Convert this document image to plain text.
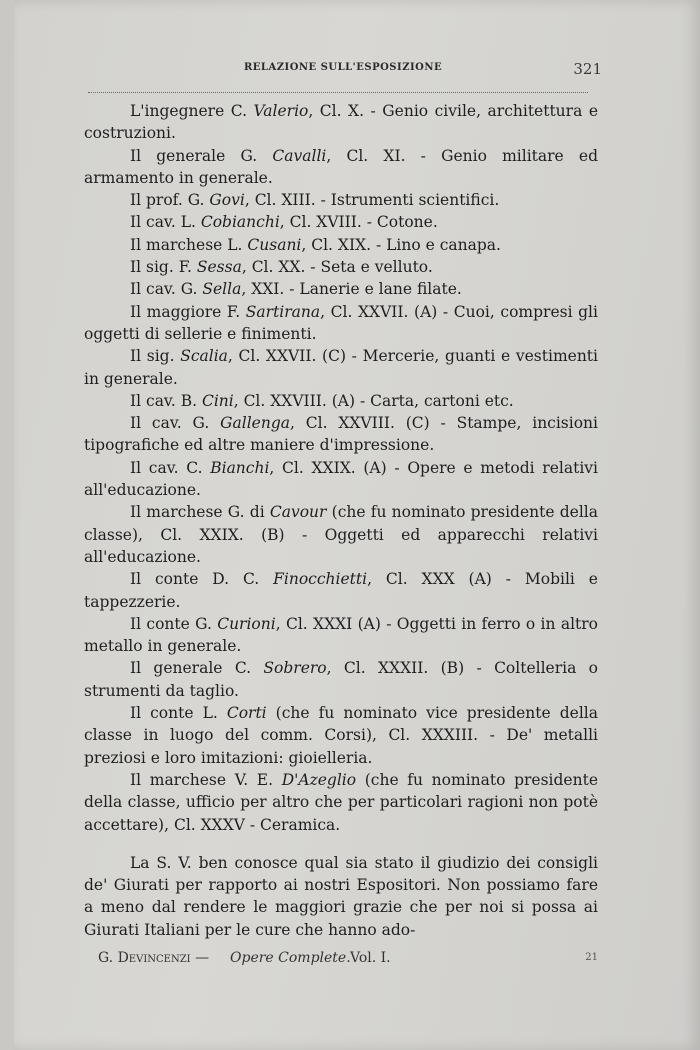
RELAZIONE SULL'ESPOSIZIONE	321

L'ingegnere C. Valerio, Cl. X. - Genio civile, architettura e costruzioni.

Il generale G. Cavalli, Cl. XI. - Genio militare ed armamento in generale.

Il prof. G. Govi, Cl. XIII. - Istrumenti scientifici.

Il cav. L. Cobianchi, Cl. XVIII. - Cotone.

Il marchese L. Cusani, Cl. XIX. - Lino e canapa.

Il sig. F. Sessa, Cl. XX. - Seta e velluto.

Il cav. G. Sella, XXI. - Lanerie e lane filate.

Il maggiore F. Sartirana, Cl. XXVII. (A) - Cuoi, compresi gli oggetti di sellerie e finimenti.

Il sig. Scalia, Cl. XXVII. (C) - Mercerie, guanti e vestimenti in generale.

Il cav. B. Cini, Cl. XXVIII. (A) - Carta, cartoni etc.

Il cav. G. Gallenga, Cl. XXVIII. (C) - Stampe, incisioni tipografiche ed altre maniere d'impressione.

Il cav. C. Bianchi, Cl. XXIX. (A) - Opere e metodi relativi all'educazione.

Il marchese G. di Cavour (che fu nominato presidente della classe), Cl. XXIX. (B) - Oggetti ed apparecchi relativi all'educazione.

Il conte D. C. Finocchietti, Cl. XXX (A) - Mobili e tappezzerie.

Il conte G. Curioni, Cl. XXXI (A) - Oggetti in ferro o in altro metallo in generale.

Il generale C. Sobrero, Cl. XXXII. (B) - Coltelleria o strumenti da taglio.

Il conte L. Corti (che fu nominato vice presidente della classe in luogo del comm. Corsi), Cl. XXXIII. - De' metalli preziosi e loro imitazioni: gioielleria.

Il marchese V. E. D'Azeglio (che fu nominato presidente della classe, ufficio per altro che per particolari ragioni non potè accettare), Cl. XXXV - Ceramica.

La S. V. ben conosce qual sia stato il giudizio dei consigli de' Giurati per rapporto ai nostri Espositori. Non possiamo fare a meno dal rendere le maggiori grazie che per noi si possa ai Giurati Italiani per le cure che hanno ado-

G. Devincenzi — Opere Complete. Vol. I.	21
